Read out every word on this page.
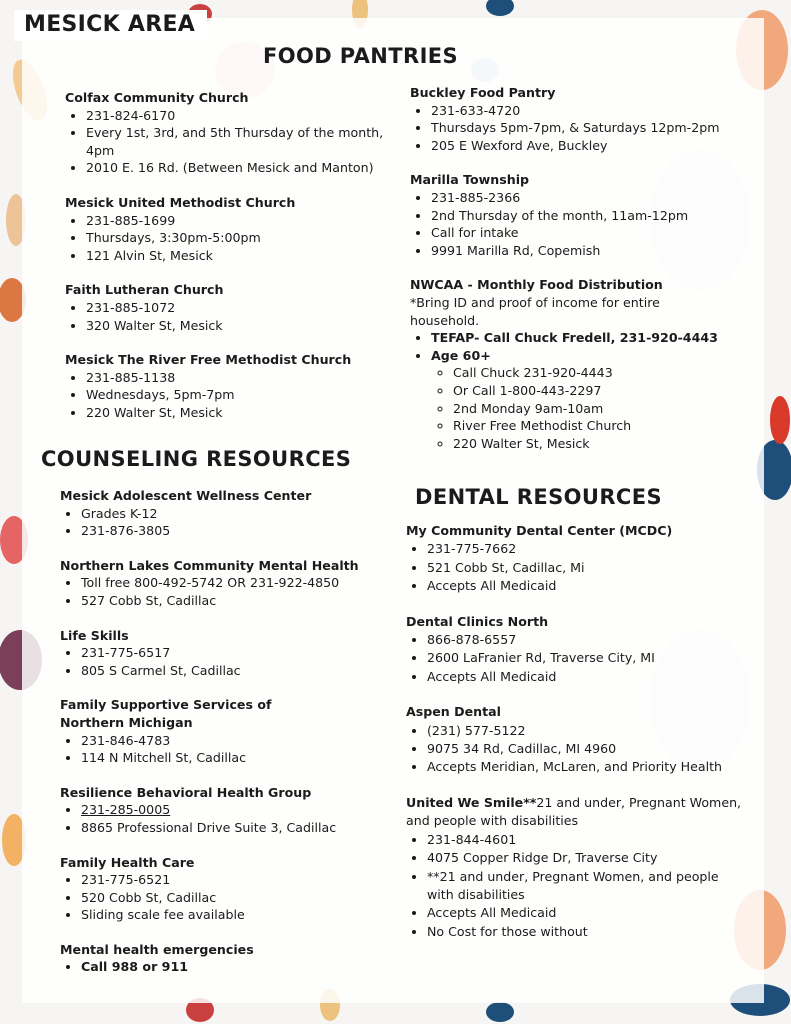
MESICK AREA
FOOD PANTRIES
COUNSELING RESOURCES
DENTAL RESOURCES
Colfax Community Church
• 231-824-6170
• Every 1st, 3rd, and 5th Thursday of the month, 4pm
• 2010 E. 16 Rd. (Between Mesick and Manton)
Mesick United Methodist Church
• 231-885-1699
• Thursdays, 3:30pm-5:00pm
• 121 Alvin St, Mesick
Faith Lutheran Church
• 231-885-1072
• 320 Walter St, Mesick
Mesick The River Free Methodist Church
• 231-885-1138
• Wednesdays, 5pm-7pm
• 220 Walter St, Mesick
Buckley Food Pantry
• 231-633-4720
• Thursdays 5pm-7pm, & Saturdays 12pm-2pm
• 205 E Wexford Ave, Buckley
Marilla Township
• 231-885-2366
• 2nd Thursday of the month, 11am-12pm
• Call for intake
• 9991 Marilla Rd, Copemish
NWCAA - Monthly Food Distribution
*Bring ID and proof of income for entire household.
• TEFAP- Call Chuck Fredell, 231-920-4443
• Age 60+
◦ Call Chuck 231-920-4443
◦ Or Call 1-800-443-2297
◦ 2nd Monday 9am-10am
◦ River Free Methodist Church
◦ 220 Walter St, Mesick
Mesick Adolescent Wellness Center
• Grades K-12
• 231-876-3805
Northern Lakes Community Mental Health
• Toll free 800-492-5742 OR 231-922-4850
• 527 Cobb St, Cadillac
Life Skills
• 231-775-6517
• 805 S Carmel St, Cadillac
Family Supportive Services of Northern Michigan
• 231-846-4783
• 114 N Mitchell St, Cadillac
Resilience Behavioral Health Group
• 231-285-0005
• 8865 Professional Drive Suite 3, Cadillac
Family Health Care
• 231-775-6521
• 520 Cobb St, Cadillac
• Sliding scale fee available
Mental health emergencies
• Call 988 or 911
My Community Dental Center (MCDC)
• 231-775-7662
• 521 Cobb St, Cadillac, Mi
• Accepts All Medicaid
Dental Clinics North
• 866-878-6557
• 2600 LaFranier Rd, Traverse City, MI
• Accepts All Medicaid
Aspen Dental
• (231) 577-5122
• 9075 34 Rd, Cadillac, MI 4960
• Accepts Meridian, McLaren, and Priority Health
United We Smile**21 and under, Pregnant Women, and people with disabilities
• 231-844-4601
• 4075 Copper Ridge Dr, Traverse City
• **21 and under, Pregnant Women, and people with disabilities
• Accepts All Medicaid
• No Cost for those without
